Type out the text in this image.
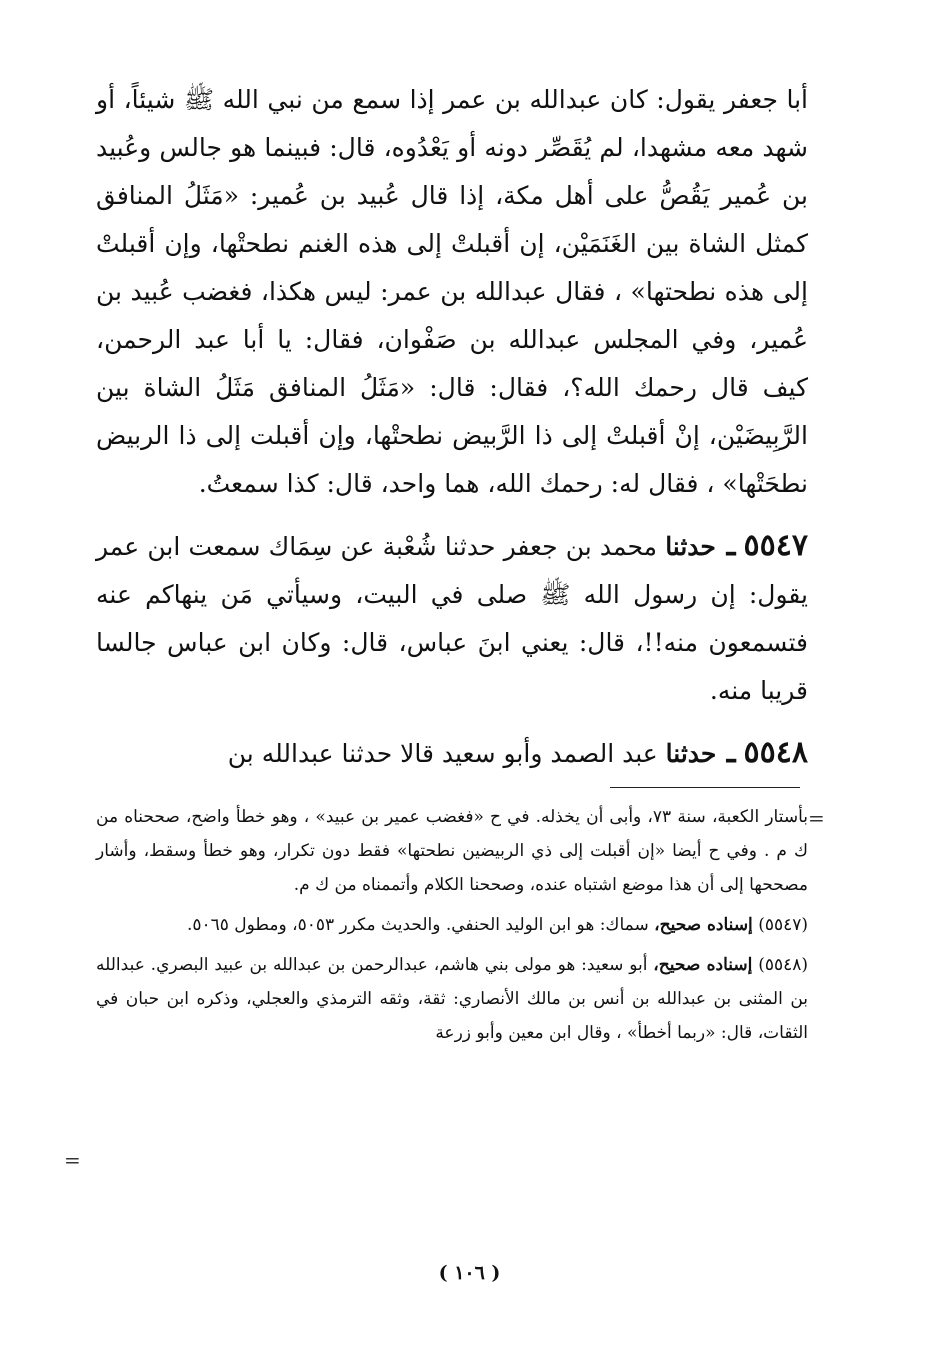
أبا جعفر يقول: كان عبدالله بن عمر إذا سمع من نبي الله ﷺ شيئاً، أو شهد معه مشهدا، لم يُقَصِّر دونه أو يَعْدُوه، قال: فبينما هو جالس وعُبيد بن عُمير يَقُصُّ على أهل مكة، إذا قال عُبيد بن عُمير: «مَثَلُ المنافق كمثل الشاة بين الغَنَمَيْن، إن أقبلتْ إلى هذه الغنم نطحتْها، وإن أقبلتْ إلى هذه نطحتها» ، فقال عبدالله بن عمر: ليس هكذا، فغضب عُبيد بن عُمير، وفي المجلس عبدالله بن صَفْوان، فقال: يا أبا عبد الرحمن، كيف قال رحمك الله؟، فقال: قال: «مَثَلُ المنافق مَثَلُ الشاة بين الرَّبِيضَيْن، إنْ أقبلتْ إلى ذا الرَّبيض نطحتْها، وإن أقبلت إلى ذا الربيض نطحَتْها» ، فقال له: رحمك الله، هما واحد، قال: كذا سمعتُ.

٥٥٤٧ ـ حدثنا محمد بن جعفر حدثنا شُعْبة عن سِمَاك سمعت ابن عمر يقول: إن رسول الله ﷺ صلى في البيت، وسيأتي مَن ينهاكم عنه فتسمعون منه!!، قال: يعني ابنَ عباس، قال: وكان ابن عباس جالسا قريبا منه.

٥٥٤٨ ـ حدثنا عبد الصمد وأبو سعيد قالا حدثنا عبدالله بن

=

بأستار الكعبة، سنة ٧٣، وأبى أن يخذله. في ح «فغضب عمير بن عبيد» ، وهو خطأ واضح، صححناه من ك م . وفي ح أيضا «إن أقبلت إلى ذي الربيضين نطحتها» فقط دون تكرار، وهو خطأ وسقط، وأشار مصححها إلى أن هذا موضع اشتباه عنده، وصححنا الكلام وأتممناه من ك م.

(٥٥٤٧) إسناده صحيح، سماك: هو ابن الوليد الحنفي. والحديث مكرر ٥٠٥٣، ومطول ٥٠٦٥.

(٥٥٤٨) إسناده صحيح، أبو سعيد: هو مولى بني هاشم، عبدالرحمن بن عبدالله بن عبيد البصري. عبدالله بن المثنى بن عبدالله بن أنس بن مالك الأنصاري: ثقة، وثقه الترمذي والعجلي، وذكره ابن حبان في الثقات، قال: «ربما أخطأ» ، وقال ابن معين وأبو زرعة

=
( ١٠٦ )
